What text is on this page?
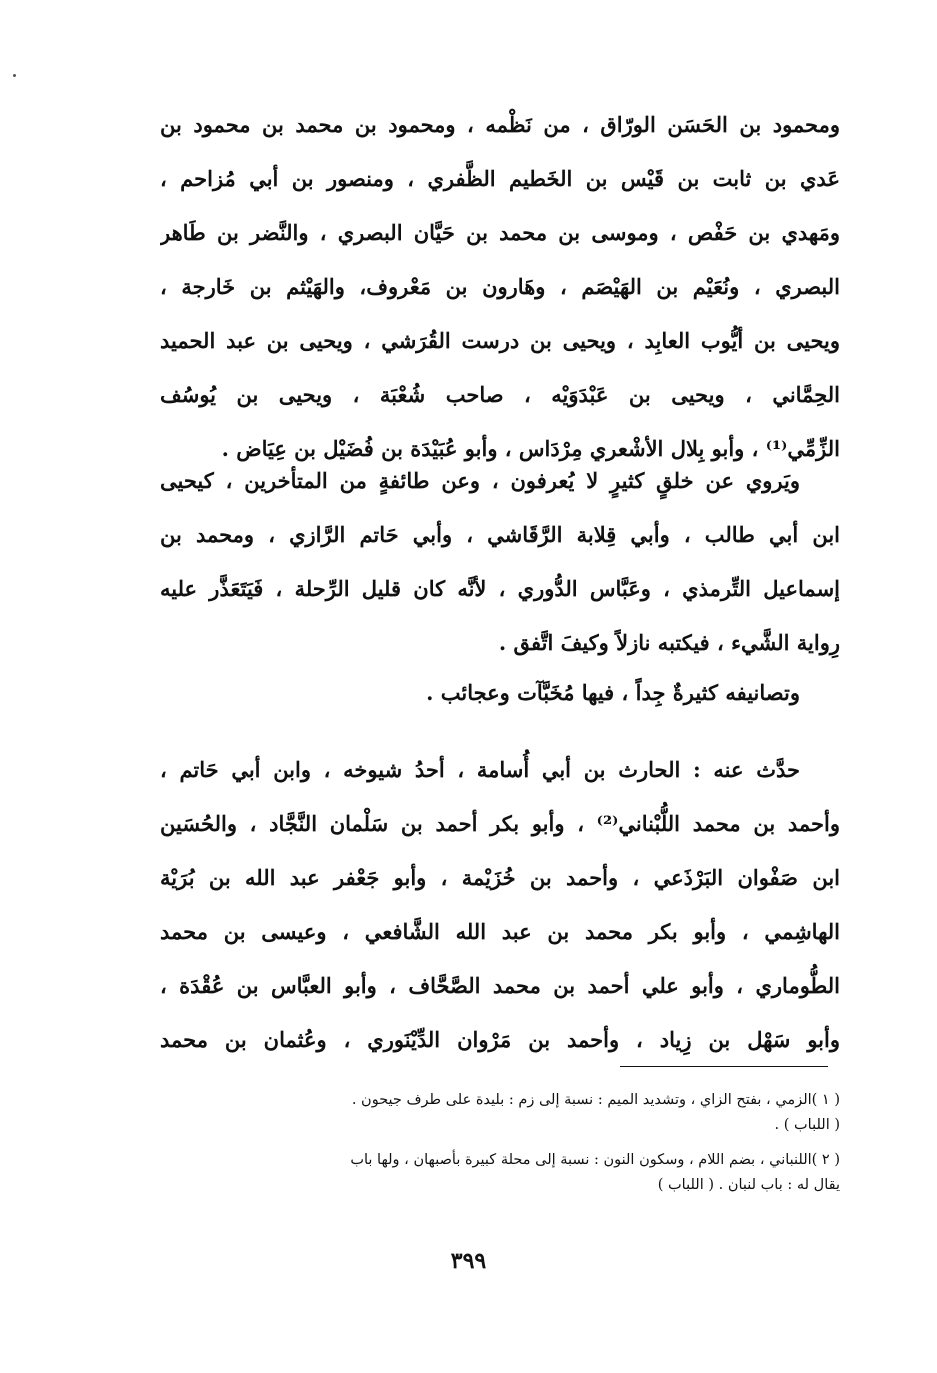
ومحمود بن الحَسَن الورّاق ، من نَظْمه ، ومحمود بن محمد بن محمود بن
عَدي بن ثابت بن قَيْس بن الخَطيم الظَّفري ، ومنصور بن أبي مُزاحم ،
ومَهدي بن حَفْص ، وموسى بن محمد بن حَيَّان البصري ، والنَّضر بن طَاهر
البصري ، ونُعَيْم بن الهَيْصَم ، وهَارون بن مَعْروف، والهَيْثم بن خَارجة ،
ويحيى بن أيُّوب العابِد ، ويحيى بن درست القُرَشي ، ويحيى بن عبد الحميد
الحِمَّاني ، ويحيى بن عَبْدَوَيْه ، صاحب شُعْبَة ، ويحيى بن يُوسُف
الزِّمِّي⁽¹⁾ ، وأبو بِلال الأشْعري مِرْدَاس ، وأبو عُبَيْدَة بن فُضَيْل بن عِيَاض .
ويَروي عن خلقٍ كثيرٍ لا يُعرفون ، وعن طائفةٍ من المتأخرين ، كيحيى
ابن أبي طالب ، وأبي قِلابة الرَّقَاشي ، وأبي حَاتم الرَّازي ، ومحمد بن
إسماعيل التِّرمذي ، وعَبَّاس الدُّوري ، لأنَّه كان قليل الرِّحلة ، فَيَتَعَذَّر عليه
رِواية الشَّيء ، فيكتبه نازلاً وكيفَ اتَّفق .
وتصانيفه كثيرةٌ جِداً ، فيها مُخَبَّآت وعجائب .
حدَّث عنه : الحارث بن أبي أُسامة ، أحدُ شيوخه ، وابن أبي حَاتم ،
وأحمد بن محمد اللُّبْناني⁽²⁾ ، وأبو بكر أحمد بن سَلْمان النَّجَّاد ، والحُسَين
ابن صَفْوان البَرْذَعي ، وأحمد بن خُزَيْمة ، وأبو جَعْفر عبد الله بن بُرَيْة
الهاشِمي ، وأبو بكر محمد بن عبد الله الشَّافعي ، وعيسى بن محمد
الطُّوماري ، وأبو علي أحمد بن محمد الصَّحَّاف ، وأبو العبَّاس بن عُقْدَة ،
وأبو سَهْل بن زِياد ، وأحمد بن مَرْوان الدِّيْنَوري ، وعُثمان بن محمد
( ١ )الزمي ، بفتح الزاي ، وتشديد الميم : نسبة إلى زم : بليدة على طرف جيحون .
( اللباب ) .
( ٢ )اللنباني ، بضم اللام ، وسكون النون : نسبة إلى محلة كبيرة بأصبهان ، ولها باب
يقال له : باب لنبان . ( اللباب )
٣٩٩
